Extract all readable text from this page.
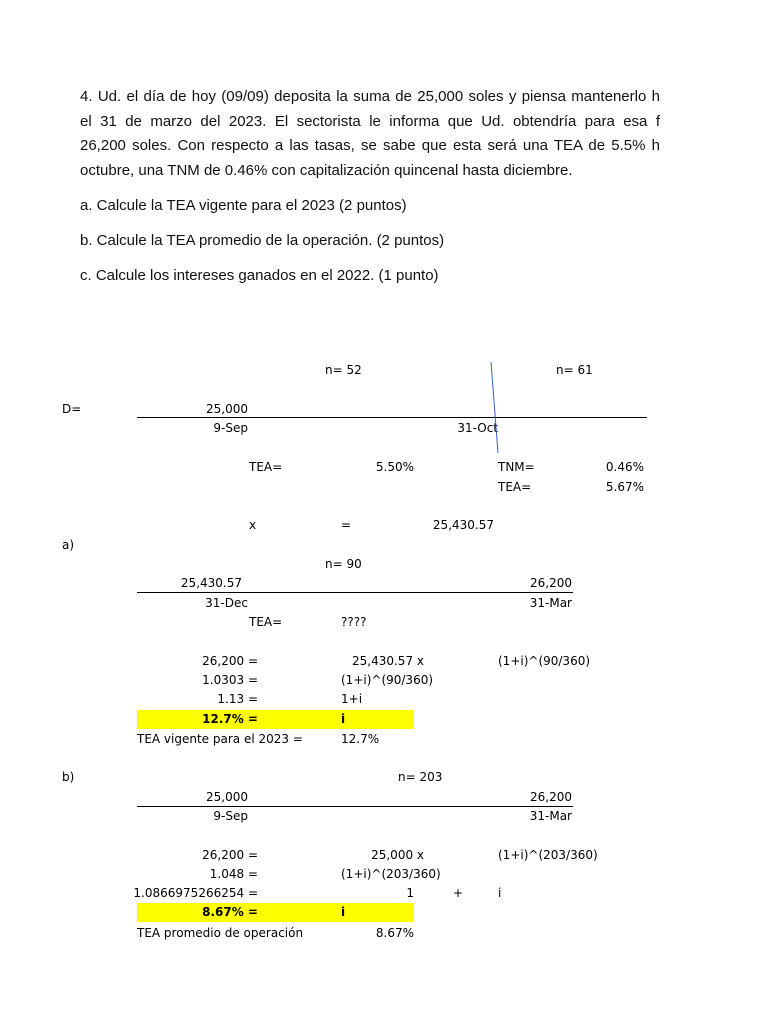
4. Ud. el día de hoy (09/09) deposita la suma de 25,000 soles y piensa mantenerlo h
el 31 de marzo del 2023. El sectorista le informa que Ud. obtendría para esa f
26,200 soles. Con respecto a las tasas, se sabe que esta será una TEA de 5.5% h
octubre, una TNM de 0.46% con capitalización quincenal hasta diciembre.
a. Calcule la TEA vigente para el 2023 (2 puntos)
b. Calcule la TEA promedio de la operación. (2 puntos)
c. Calcule los intereses ganados en el 2022. (1 punto)
n= 52	n= 61
D=	25,000
9-Sep	31-Oct
TEA=	5.50%	TNM=	0.46%
TEA=	5.67%
x	=	25,430.57
a)
n= 90
25,430.57	26,200
31-Dec	31-Mar
TEA=	????
26,200 =	25,430.57 x	(1+i)^(90/360)
1.0303 =	(1+i)^(90/360)
1.13 =	1+i
12.7% =	i
TEA vigente para el 2023 =	12.7%
b)	n= 203
25,000	26,200
9-Sep	31-Mar
26,200 =	25,000 x	(1+i)^(203/360)
1.048 =	(1+i)^(203/360)
1.0866975266254 =	1	+	i
8.67% =	i
TEA promedio de operación	8.67%
